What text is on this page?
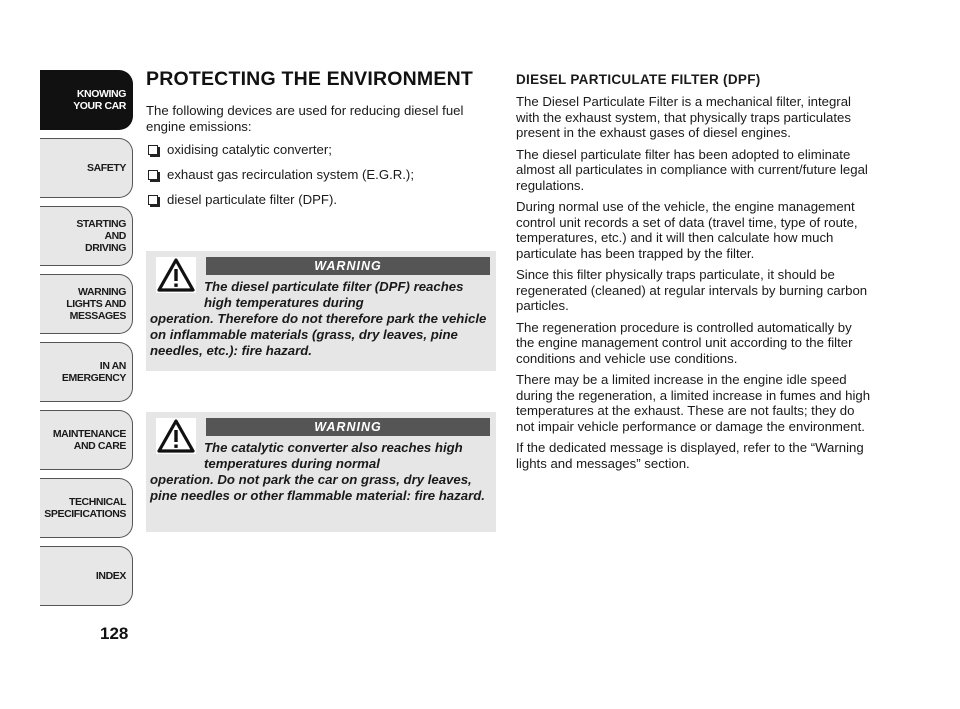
KNOWING
YOUR CAR
SAFETY
STARTING
AND
DRIVING
WARNING
LIGHTS AND
MESSAGES
IN AN
EMERGENCY
MAINTENANCE
AND CARE
TECHNICAL
SPECIFICATIONS
INDEX
128
PROTECTING THE ENVIRONMENT

The following devices are used for reducing diesel fuel engine emissions:

oxidising catalytic converter;
exhaust gas recirculation system (E.G.R.);
diesel particulate filter (DPF).
WARNING

The diesel particulate filter (DPF) reaches high temperatures during
operation. Therefore do not therefore park the vehicle on inflammable materials (grass, dry leaves, pine needles, etc.): fire hazard.

WARNING

The catalytic converter also reaches high temperatures during normal
operation. Do not park the car on grass, dry leaves, pine needles or other flammable material: fire hazard.

DIESEL PARTICULATE FILTER (DPF)

The Diesel Particulate Filter is a mechanical filter, integral with the exhaust system, that physically traps particulates present in the exhaust gases of diesel engines.

The diesel particulate filter has been adopted to eliminate almost all particulates in compliance with current/future legal regulations.

During normal use of the vehicle, the engine management control unit records a set of data (travel time, type of route, temperatures, etc.) and it will then calculate how much particulate has been trapped by the filter.

Since this filter physically traps particulate, it should be regenerated (cleaned) at regular intervals by burning carbon particles.

The regeneration procedure is controlled automatically by the engine management control unit according to the filter conditions and vehicle use conditions.

There may be a limited increase in the engine idle speed during the regeneration, a limited increase in fumes and high temperatures at the exhaust. These are not faults; they do not impair vehicle performance or damage the environment.

If the dedicated message is displayed, refer to the “Warning lights and messages” section.
